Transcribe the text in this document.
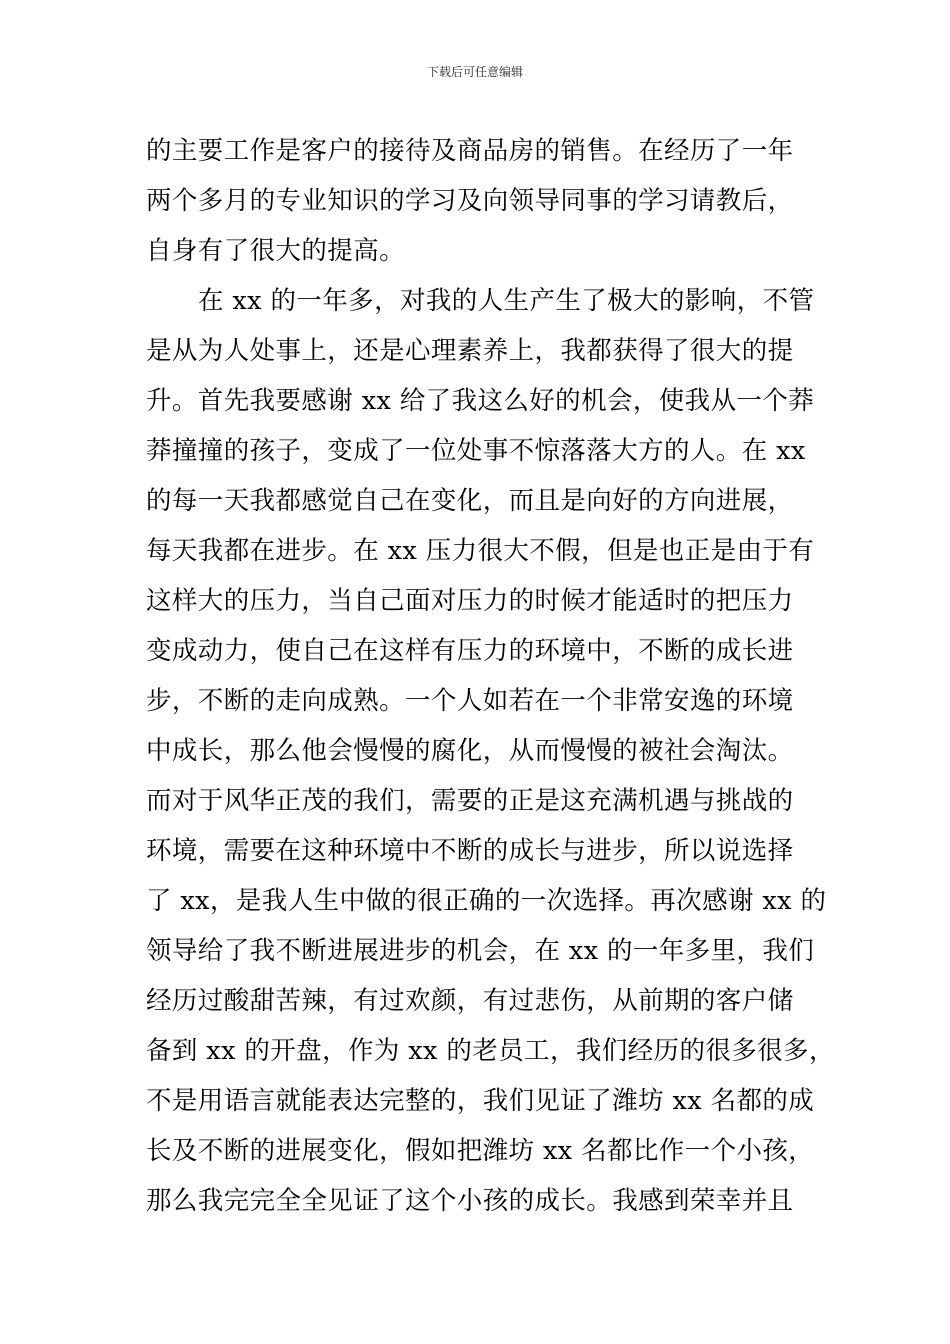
下载后可任意编辑
的主要工作是客户的接待及商品房的销售。在经历了一年
两个多月的专业知识的学习及向领导同事的学习请教后，
自身有了很大的提高。
在 xx 的一年多，对我的人生产生了极大的影响，不管
是从为人处事上，还是心理素养上，我都获得了很大的提
升。首先我要感谢 xx 给了我这么好的机会，使我从一个莽
莽撞撞的孩子，变成了一位处事不惊落落大方的人。在 xx
的每一天我都感觉自己在变化，而且是向好的方向进展，
每天我都在进步。在 xx 压力很大不假，但是也正是由于有
这样大的压力，当自己面对压力的时候才能适时的把压力
变成动力，使自己在这样有压力的环境中，不断的成长进
步，不断的走向成熟。一个人如若在一个非常安逸的环境
中成长，那么他会慢慢的腐化，从而慢慢的被社会淘汰。
而对于风华正茂的我们，需要的正是这充满机遇与挑战的
环境，需要在这种环境中不断的成长与进步，所以说选择
了 xx，是我人生中做的很正确的一次选择。再次感谢 xx 的
领导给了我不断进展进步的机会，在 xx 的一年多里，我们
经历过酸甜苦辣，有过欢颜，有过悲伤，从前期的客户储
备到 xx 的开盘，作为 xx 的老员工，我们经历的很多很多，
不是用语言就能表达完整的，我们见证了潍坊 xx 名都的成
长及不断的进展变化，假如把潍坊 xx 名都比作一个小孩，
那么我完完全全见证了这个小孩的成长。我感到荣幸并且
